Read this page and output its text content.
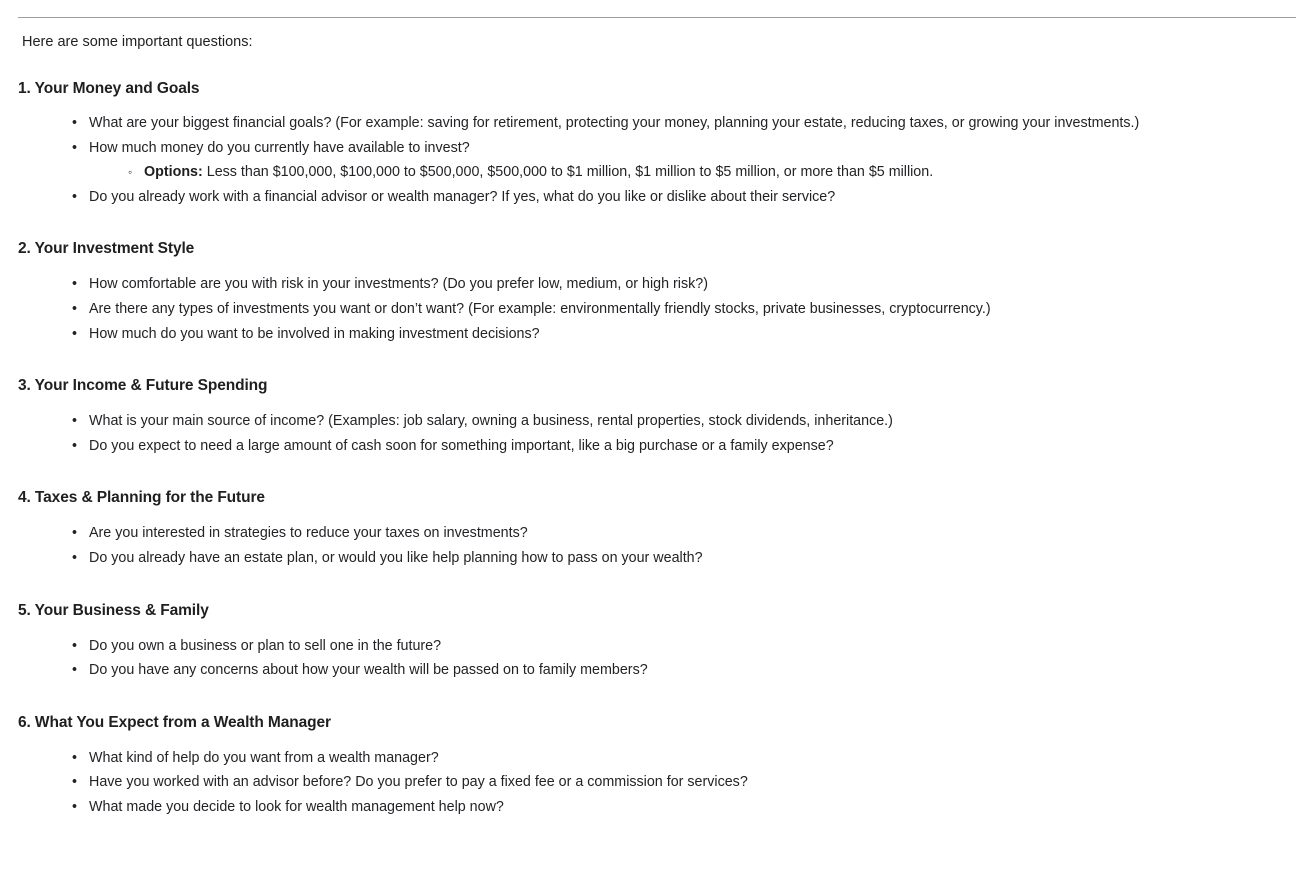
Here are some important questions:

1. Your Money and Goals
• What are your biggest financial goals? (For example: saving for retirement, protecting your money, planning your estate, reducing taxes, or growing your investments.)
• How much money do you currently have available to invest?
◦ Options: Less than $100,000, $100,000 to $500,000, $500,000 to $1 million, $1 million to $5 million, or more than $5 million.
• Do you already work with a financial advisor or wealth manager? If yes, what do you like or dislike about their service?
2. Your Investment Style
• How comfortable are you with risk in your investments? (Do you prefer low, medium, or high risk?)
• Are there any types of investments you want or don’t want? (For example: environmentally friendly stocks, private businesses, cryptocurrency.)
• How much do you want to be involved in making investment decisions?
3. Your Income & Future Spending
• What is your main source of income? (Examples: job salary, owning a business, rental properties, stock dividends, inheritance.)
• Do you expect to need a large amount of cash soon for something important, like a big purchase or a family expense?
4. Taxes & Planning for the Future
• Are you interested in strategies to reduce your taxes on investments?
• Do you already have an estate plan, or would you like help planning how to pass on your wealth?
5. Your Business & Family
• Do you own a business or plan to sell one in the future?
• Do you have any concerns about how your wealth will be passed on to family members?
6. What You Expect from a Wealth Manager
• What kind of help do you want from a wealth manager?
• Have you worked with an advisor before? Do you prefer to pay a fixed fee or a commission for services?
• What made you decide to look for wealth management help now?
